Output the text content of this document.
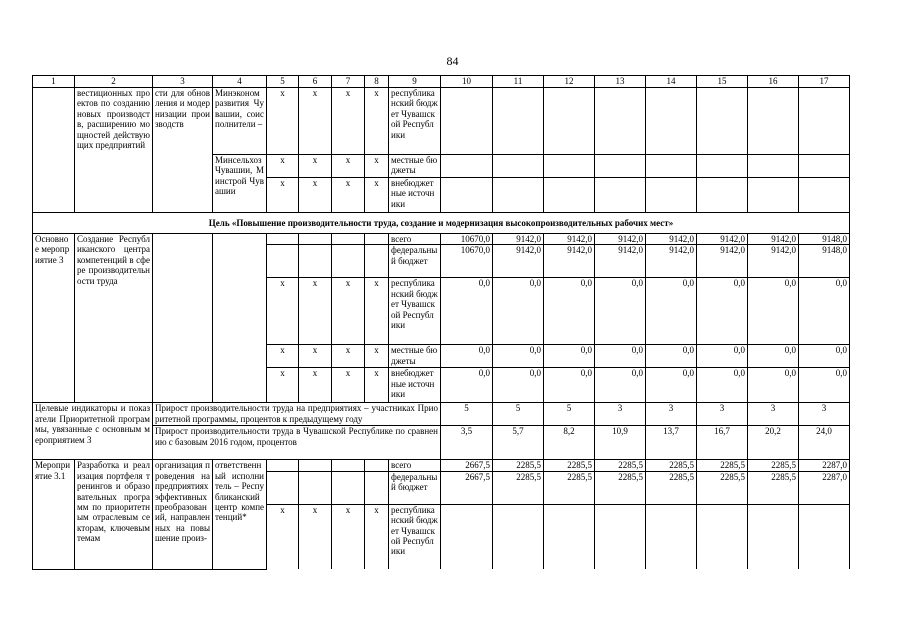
84
1	2	3	4	5	6	7	8	9	10	11	12	13	14	15	16	17
	вестиционных проектов по созданию новых производств, расширению мощностей действующих предприятий	сти для обновления и модернизации производств	Минэкономразвития Чувашии, соисполнители –	x	x	x	x	республиканский бюджет Чувашской Республики								
			Минсельхоз Чувашии, Минстрой Чувашии	x	x	x	x	местные бюджеты								
				x	x	x	x	внебюджетные источники								
Цель «Повышение производительности труда, создание и модернизация высокопроизводительных рабочих мест»																
Основное мероприятие 3	Создание Республиканского центра компетенций в сфере производительности труда							всего	10670,0	9142,0	9142,0	9142,0	9142,0	9142,0	9142,0	9148,0
								федеральный бюджет	10670,0	9142,0	9142,0	9142,0	9142,0	9142,0	9142,0	9148,0
				x	x	x	x	республиканский бюджет Чувашской Республики	0,0	0,0	0,0	0,0	0,0	0,0	0,0	0,0
				x	x	x	x	местные бюджеты	0,0	0,0	0,0	0,0	0,0	0,0	0,0	0,0
				x	x	x	x	внебюджетные источники	0,0	0,0	0,0	0,0	0,0	0,0	0,0	0,0
Целевые индикаторы и показатели Приоритетной программы, увязанные с основным мероприятием 3		Прирост производительности труда на предприятиях – участниках Приоритетной программы, процентов к предыдущему году							5	5	5	3	3	3	3	3
		Прирост производительности труда в Чувашской Республике по сравнению с базовым 2016 годом, процентов							3,5	5,7	8,2	10,9	13,7	16,7	20,2	24,0
Мероприятие 3.1	Разработка и реализация портфеля тренингов и образовательных программ по приоритетным отраслевым секторам, ключевым темам	организация проведения на предприятиях эффективных преобразований, направленных на повышение произ-	ответственный исполнитель – Республиканский центр компетенций*					всего	2667,5	2285,5	2285,5	2285,5	2285,5	2285,5	2285,5	2287,0
								федеральный бюджет	2667,5	2285,5	2285,5	2285,5	2285,5	2285,5	2285,5	2287,0
				x	x	x	x	республиканский бюджет Чувашской Республики								
